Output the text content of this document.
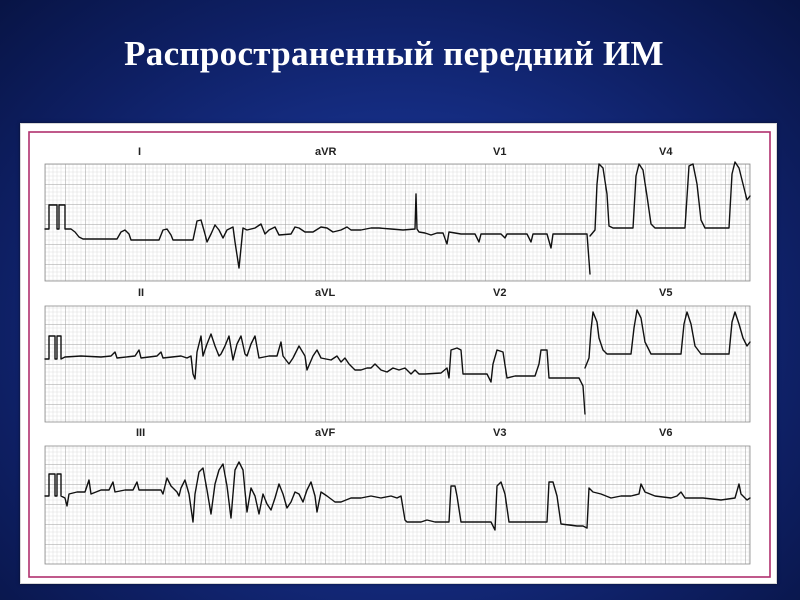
Распространенный передний ИМ
I	aVR	V1	V4
II	aVL	V2	V5
III	aVF	V3	V6
